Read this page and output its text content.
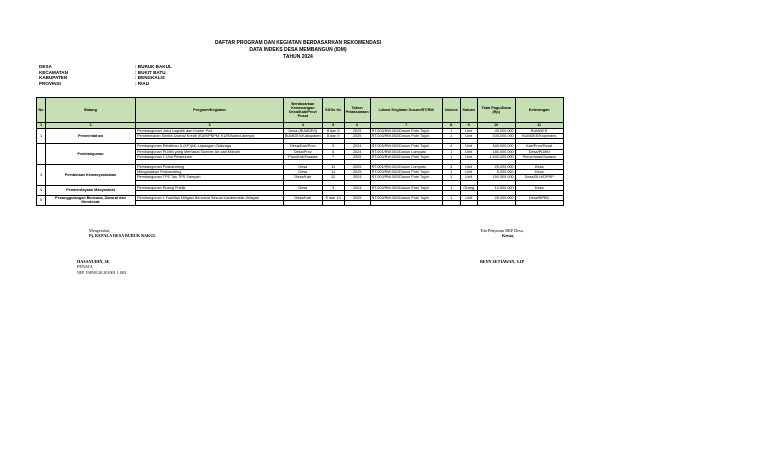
DAFTAR PROGRAM DAN KEGIATAN BERDASARKAN REKOMENDASI
DATA INDEKS DESA MEMBANGUN (IDM)
TAHUN 2024
DESA	: BURUK BAKUL
KECAMATAN	: BUKIT BATU
KABUPATEN	: BENGKALIS
PROVINSI	: RIAU
No	Bidang	Program/Kegiatan	Berdasarkan Kewenangan Desa/Kab/Prov/ Pusat	SDGs Ke	Tahun Pelaksanaan	Lokasi Kegiatan Dusun/RT/RW	Volume	Satuan	Total Pagu/Dana (Rp)	Keterangan
1	2	3	4	5	6	7	8	9	10	11
1	Pemerintahan	Pembangunan Jalur Logistik dan Konter Pos	Desa (BUMDES)	8 dan 9	2025	RT.003/RW.002/Dusun Putri Tujuh	1	Unit	45.000.000	BUMDES
		Pembentukan Sentra Usaha/ Kredit (KUR/PNPM, KUR/Bank/Lainnya)	BUMDES/Kabupaten	8 dan 9	2025	RT.003/RW.002/Dusun Putri Tujuh	1	Unit	100.000.000	BUMDES/Kopimdes

	Pembangunan	Pembangunan Pelatihan & (KP)(M) Lapangan Olahraga	Desa/Kab/Prov	3	2024	RT.003/RW.002/Dusun Putri Tujuh	4	Unit	340.000.000	Kab/Prov/Pusat
		Pembangunan PLMM yang Memakai Sumber Air dari Mikrohl	Desa/Prov	6	2024	RT.001/RW.001/Dusun Lompatu	1	Unit	180.000.000	Desa/PLMM
		Pembangunan 1 Unit Pelabuhan	Prov/Kab/Swasta	7	2025	RT.003/RW.002/Dusun Putri Tujuh	1	Unit	1.400.000.000	Pemerintah/Swasta

3	Pembinaan Kemasyarakatan	Pembangunan Posbandring	Desa	11	2025	RT.001/RW.001/Dusun Lompatu	4	Unit	25.000.000	Desa
		Mengadakan Posbandring	Desa	11	2025	RT.003/RW.002/Dusun Putri Tujuh	1	Unit	5.000.000	Desa
		Pembangunan TPS Tak TPS Sampah	Desa/Kab	12	2024	RT.003/RW.002/Dusun Putri Tujuh	1	Unit	150.000.000	Desa/DLH/DPRP

4	Pemberdayaan Masyarakat	Pembangunan Ruang Publik	Desa	3	2024	RT.003/RW.002/Dusun Putri Tujuh	1	Orang	10.000.000	Desa

5	Penanggulangan Bencana, Darurat dan Mendesak	Pembangunan 1 Fasilitas Mitigasi Bencana Sesuai Karakteristik Wilayah	Desa/Kab	9 dan 13	2025	RT.003/RW.002/Dusun Putri Tujuh	1	Unit	25.000.000	Desa/BPBD

Mengetahui,
Pj. KEPALA DESA BURUK BAKUL
HASANUDIN, SE
PENATA
NIP. 19850120 201001 1 002
Tim Penyusun RKP Desa,
Ketua,
BENY SETIAWAN, S.IP
